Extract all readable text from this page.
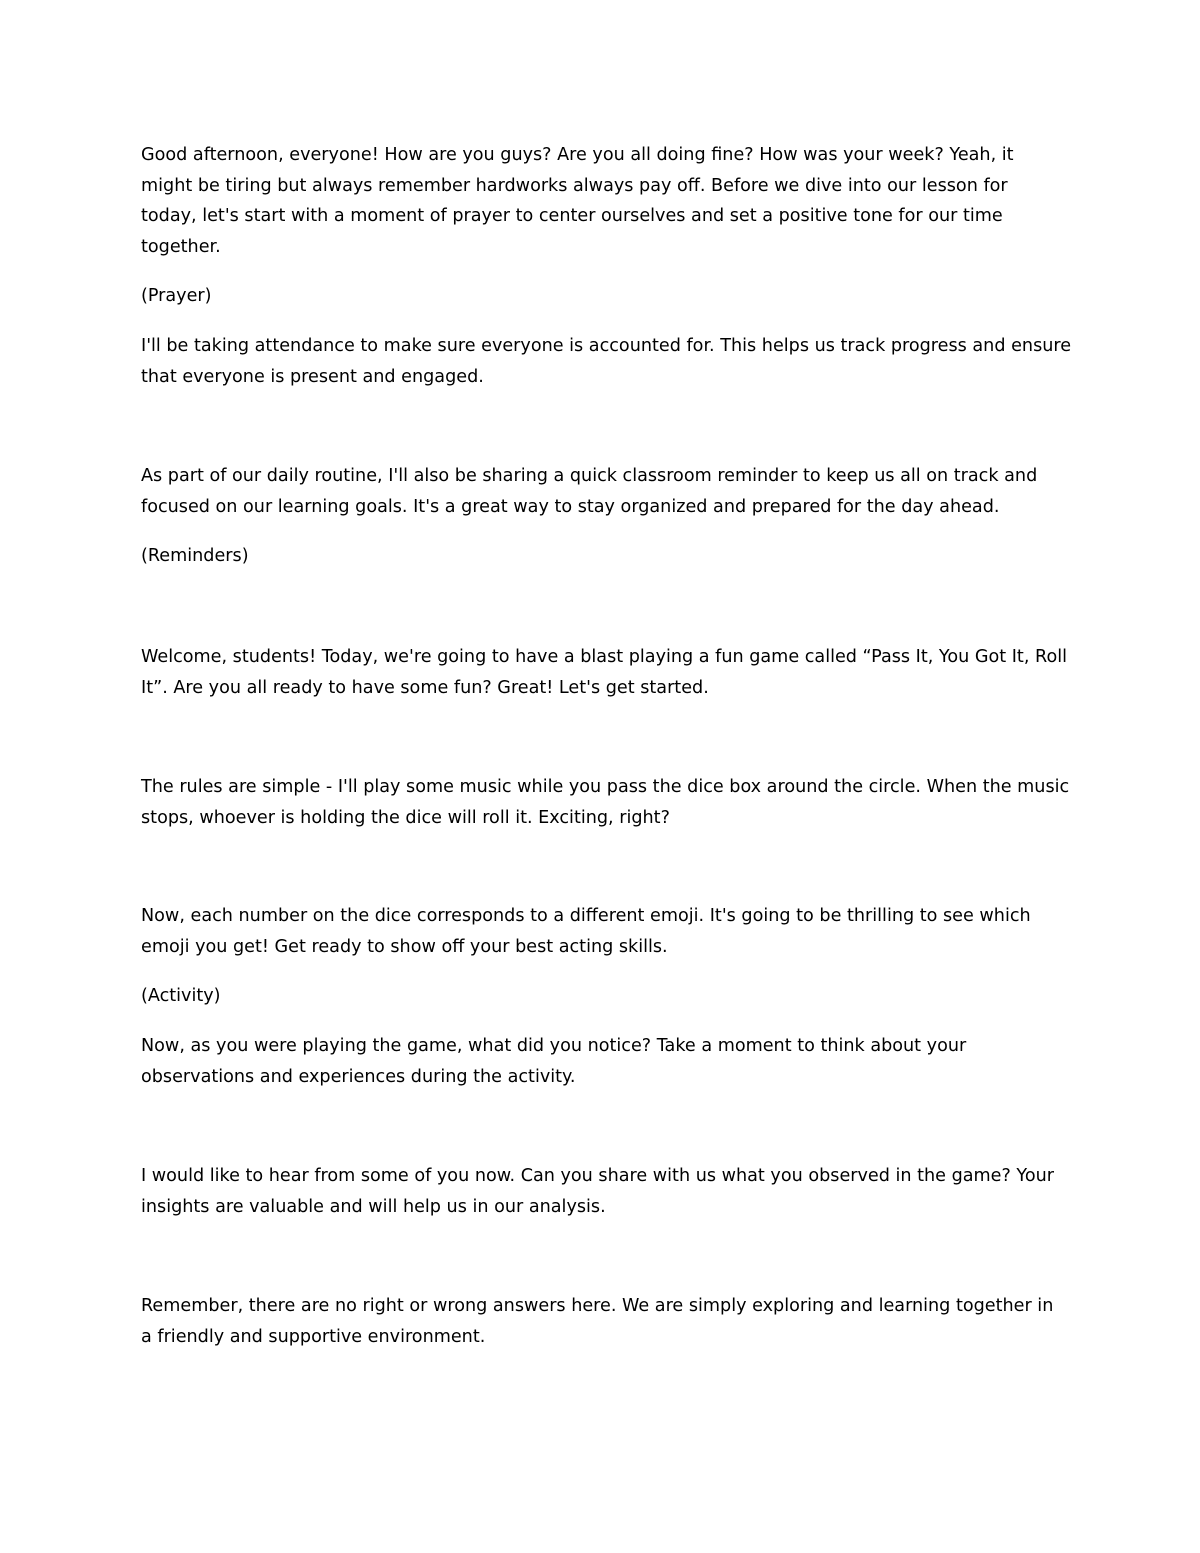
Good afternoon, everyone! How are you guys? Are you all doing fine? How was your week? Yeah, it
might be tiring but always remember hardworks always pay off. Before we dive into our lesson for
today, let's start with a moment of prayer to center ourselves and set a positive tone for our time
together.

(Prayer)

I'll be taking attendance to make sure everyone is accounted for. This helps us track progress and ensure
that everyone is present and engaged.

As part of our daily routine, I'll also be sharing a quick classroom reminder to keep us all on track and
focused on our learning goals. It's a great way to stay organized and prepared for the day ahead.

(Reminders)

Welcome, students! Today, we're going to have a blast playing a fun game called “Pass It, You Got It, Roll
It”. Are you all ready to have some fun? Great! Let's get started.

The rules are simple - I'll play some music while you pass the dice box around the circle. When the music
stops, whoever is holding the dice will roll it. Exciting, right?

Now, each number on the dice corresponds to a different emoji. It's going to be thrilling to see which
emoji you get! Get ready to show off your best acting skills.

(Activity)

Now, as you were playing the game, what did you notice? Take a moment to think about your
observations and experiences during the activity.

I would like to hear from some of you now. Can you share with us what you observed in the game? Your
insights are valuable and will help us in our analysis.

Remember, there are no right or wrong answers here. We are simply exploring and learning together in
a friendly and supportive environment.
